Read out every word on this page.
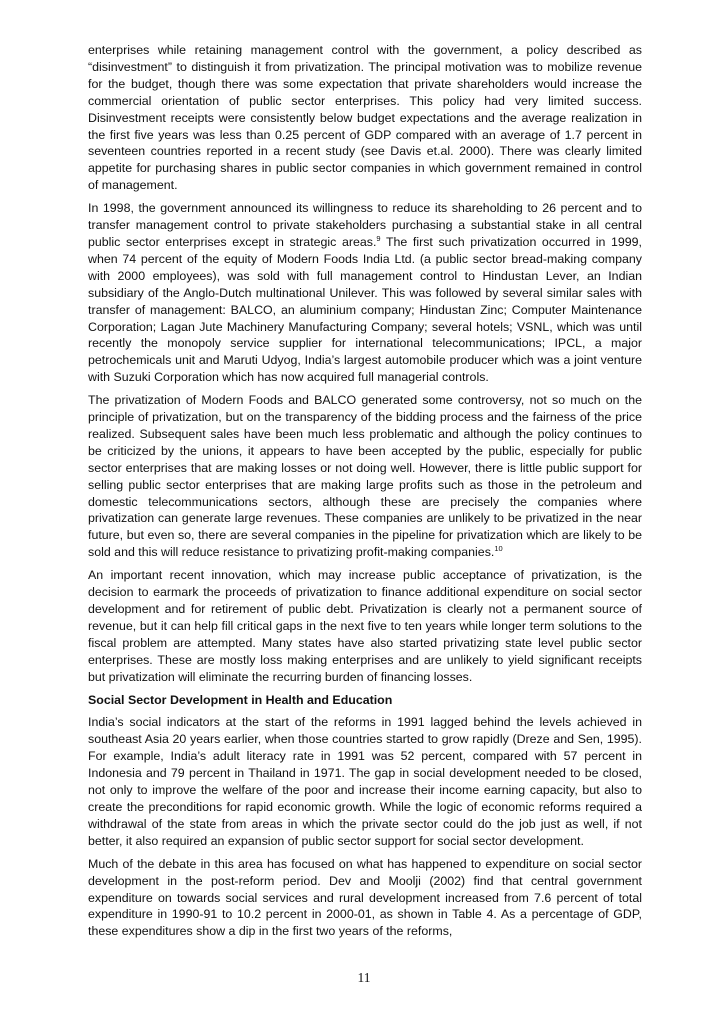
enterprises while retaining management control with the government, a policy described as “disinvestment” to distinguish it from privatization. The principal motivation was to mobilize revenue for the budget, though there was some expectation that private shareholders would increase the commercial orientation of public sector enterprises. This policy had very limited success. Disinvestment receipts were consistently below budget expectations and the average realization in the first five years was less than 0.25 percent of GDP compared with an average of 1.7 percent in seventeen countries reported in a recent study (see Davis et.al. 2000). There was clearly limited appetite for purchasing shares in public sector companies in which government remained in control of management.

In 1998, the government announced its willingness to reduce its shareholding to 26 percent and to transfer management control to private stakeholders purchasing a substantial stake in all central public sector enterprises except in strategic areas.$^9$ The first such privatization occurred in 1999, when 74 percent of the equity of Modern Foods India Ltd. (a public sector bread-making company with 2000 employees), was sold with full management control to Hindustan Lever, an Indian subsidiary of the Anglo-Dutch multinational Unilever. This was followed by several similar sales with transfer of management: BALCO, an aluminium company; Hindustan Zinc; Computer Maintenance Corporation; Lagan Jute Machinery Manufacturing Company; several hotels; VSNL, which was until recently the monopoly service supplier for international telecommunications; IPCL, a major petrochemicals unit and Maruti Udyog, India’s largest automobile producer which was a joint venture with Suzuki Corporation which has now acquired full managerial controls.

The privatization of Modern Foods and BALCO generated some controversy, not so much on the principle of privatization, but on the transparency of the bidding process and the fairness of the price realized. Subsequent sales have been much less problematic and although the policy continues to be criticized by the unions, it appears to have been accepted by the public, especially for public sector enterprises that are making losses or not doing well. However, there is little public support for selling public sector enterprises that are making large profits such as those in the petroleum and domestic telecommunications sectors, although these are precisely the companies where privatization can generate large revenues. These companies are unlikely to be privatized in the near future, but even so, there are several companies in the pipeline for privatization which are likely to be sold and this will reduce resistance to privatizing profit-making companies.$^{10}$

An important recent innovation, which may increase public acceptance of privatization, is the decision to earmark the proceeds of privatization to finance additional expenditure on social sector development and for retirement of public debt. Privatization is clearly not a permanent source of revenue, but it can help fill critical gaps in the next five to ten years while longer term solutions to the fiscal problem are attempted. Many states have also started privatizing state level public sector enterprises. These are mostly loss making enterprises and are unlikely to yield significant receipts but privatization will eliminate the recurring burden of financing losses.

Social Sector Development in Health and Education

India’s social indicators at the start of the reforms in 1991 lagged behind the levels achieved in southeast Asia 20 years earlier, when those countries started to grow rapidly (Dreze and Sen, 1995). For example, India’s adult literacy rate in 1991 was 52 percent, compared with 57 percent in Indonesia and 79 percent in Thailand in 1971. The gap in social development needed to be closed, not only to improve the welfare of the poor and increase their income earning capacity, but also to create the preconditions for rapid economic growth. While the logic of economic reforms required a withdrawal of the state from areas in which the private sector could do the job just as well, if not better, it also required an expansion of public sector support for social sector development.

Much of the debate in this area has focused on what has happened to expenditure on social sector development in the post-reform period. Dev and Moolji (2002) find that central government expenditure on towards social services and rural development increased from 7.6 percent of total expenditure in 1990-91 to 10.2 percent in 2000-01, as shown in Table 4. As a percentage of GDP, these expenditures show a dip in the first two years of the reforms,

11
